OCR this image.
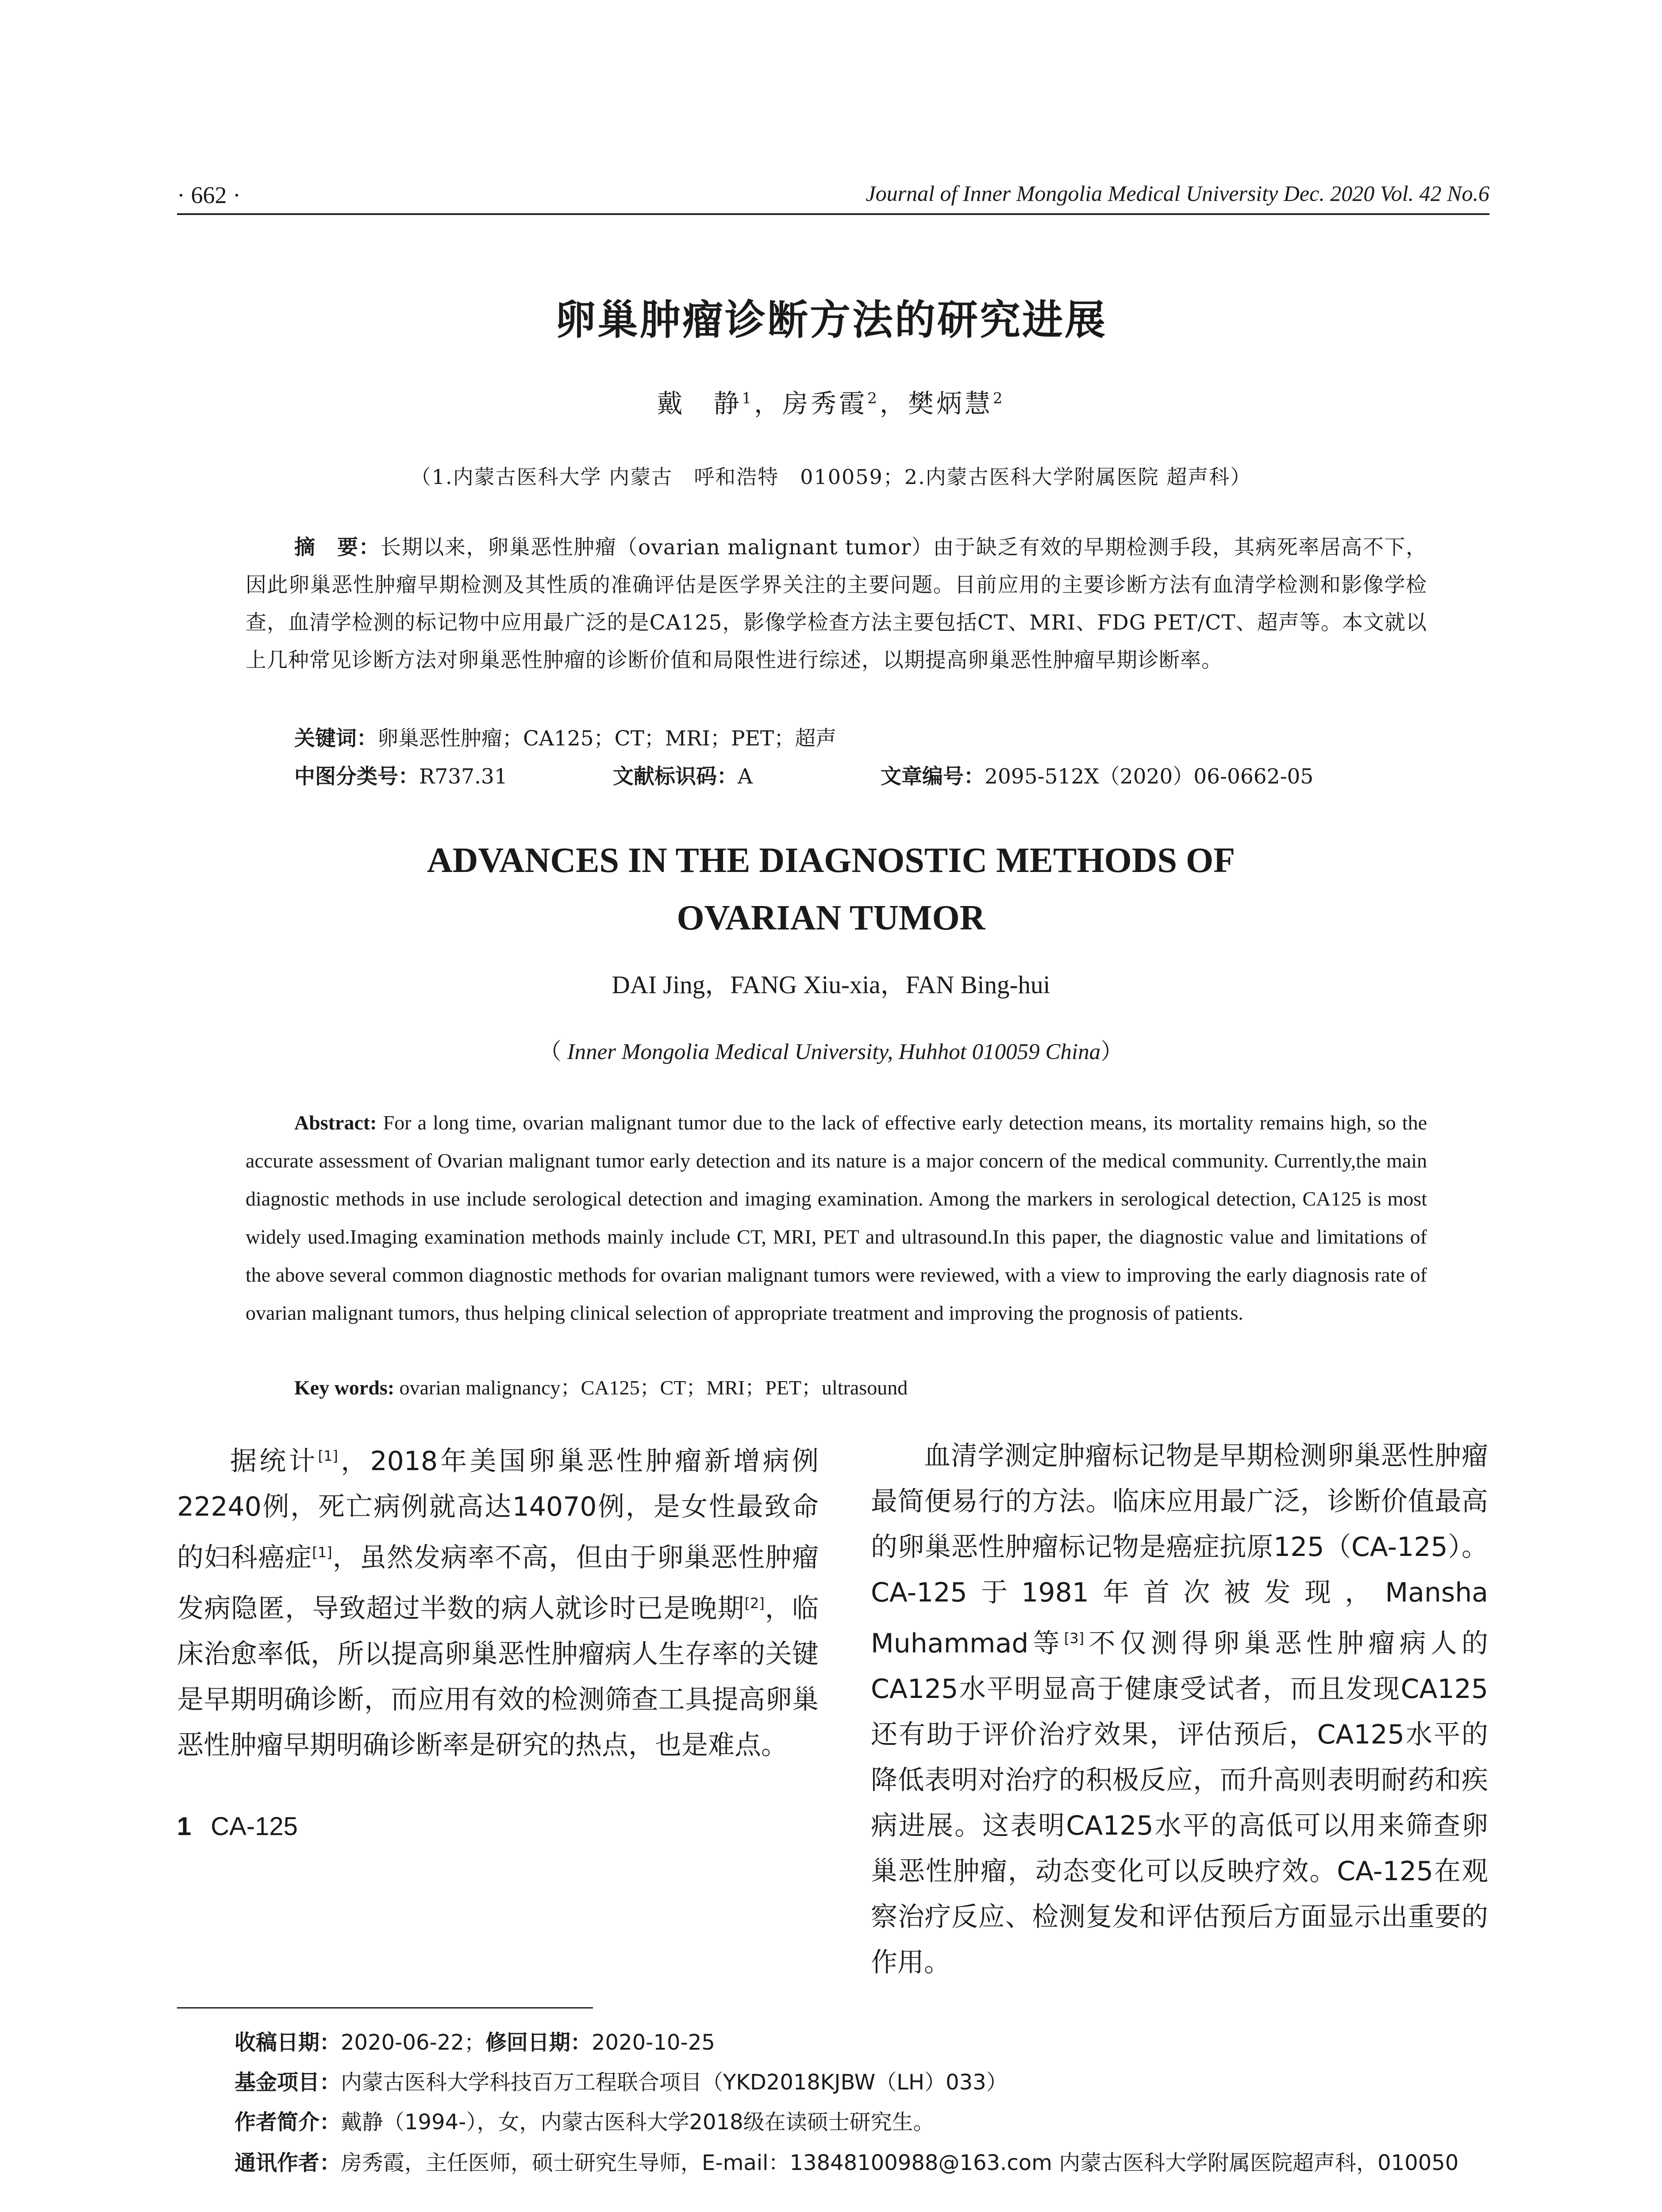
· 662 ·	Journal of Inner Mongolia Medical University Dec. 2020 Vol. 42 No.6
卵巢肿瘤诊断方法的研究进展
戴　静$^1$，房秀霞$^2$，樊炳慧$^2$
（1.内蒙古医科大学 内蒙古　呼和浩特　010059；2.内蒙古医科大学附属医院 超声科）
摘　要：长期以来，卵巢恶性肿瘤（ovarian malignant tumor）由于缺乏有效的早期检测手段，其病死率居高不下，因此卵巢恶性肿瘤早期检测及其性质的准确评估是医学界关注的主要问题。目前应用的主要诊断方法有血清学检测和影像学检查，血清学检测的标记物中应用最广泛的是CA125，影像学检查方法主要包括CT、MRI、FDG PET/CT、超声等。本文就以上几种常见诊断方法对卵巢恶性肿瘤的诊断价值和局限性进行综述，以期提高卵巢恶性肿瘤早期诊断率。
关键词：卵巢恶性肿瘤；CA125；CT；MRI；PET；超声
中图分类号：R737.31	文献标识码：A	文章编号：2095-512X（2020）06-0662-05
ADVANCES IN THE DIAGNOSTIC METHODS OF
OVARIAN TUMOR
DAI Jing，FANG Xiu-xia，FAN Bing-hui
（ Inner Mongolia Medical University, Huhhot 010059 China）
Abstract: For a long time, ovarian malignant tumor due to the lack of effective early detection means, its mortality remains high, so the accurate assessment of Ovarian malignant tumor early detection and its nature is a major concern of the medical community. Currently,the main diagnostic methods in use include serological detection and imaging examination. Among the markers in serological detection, CA125 is most widely used.Imaging examination methods mainly include CT, MRI, PET and ultrasound.In this paper, the diagnostic value and limitations of the above several common diagnostic methods for ovarian malignant tumors were reviewed, with a view to improving the early diagnosis rate of ovarian malignant tumors, thus helping clinical selection of appropriate treatment and improving the prognosis of patients.
Key words: ovarian malignancy；CA125；CT；MRI；PET；ultrasound

据统计[1]，2018年美国卵巢恶性肿瘤新增病例22240例，死亡病例就高达14070例，是女性最致命的妇科癌症[1]，虽然发病率不高，但由于卵巢恶性肿瘤发病隐匿，导致超过半数的病人就诊时已是晚期[2]，临床治愈率低，所以提高卵巢恶性肿瘤病人生存率的关键是早期明确诊断，而应用有效的检测筛查工具提高卵巢恶性肿瘤早期明确诊断率是研究的热点，也是难点。

1 CA-125

血清学测定肿瘤标记物是早期检测卵巢恶性肿瘤最简便易行的方法。临床应用最广泛，诊断价值最高的卵巢恶性肿瘤标记物是癌症抗原125（CA-125）。CA-125于1981年首次被发现，Mansha Muhammad等[3]不仅测得卵巢恶性肿瘤病人的CA125水平明显高于健康受试者，而且发现CA125还有助于评价治疗效果，评估预后，CA125水平的降低表明对治疗的积极反应，而升高则表明耐药和疾病进展。这表明CA125水平的高低可以用来筛查卵巢恶性肿瘤，动态变化可以反映疗效。CA-125在观察治疗反应、检测复发和评估预后方面显示出重要的作用。

收稿日期：2020-06-22；修回日期：2020-10-25
基金项目：内蒙古医科大学科技百万工程联合项目（YKD2018KJBW（LH）033）
作者简介：戴静（1994-），女，内蒙古医科大学2018级在读硕士研究生。
通讯作者：房秀霞，主任医师，硕士研究生导师，E-mail：13848100988@163.com 内蒙古医科大学附属医院超声科，010050
